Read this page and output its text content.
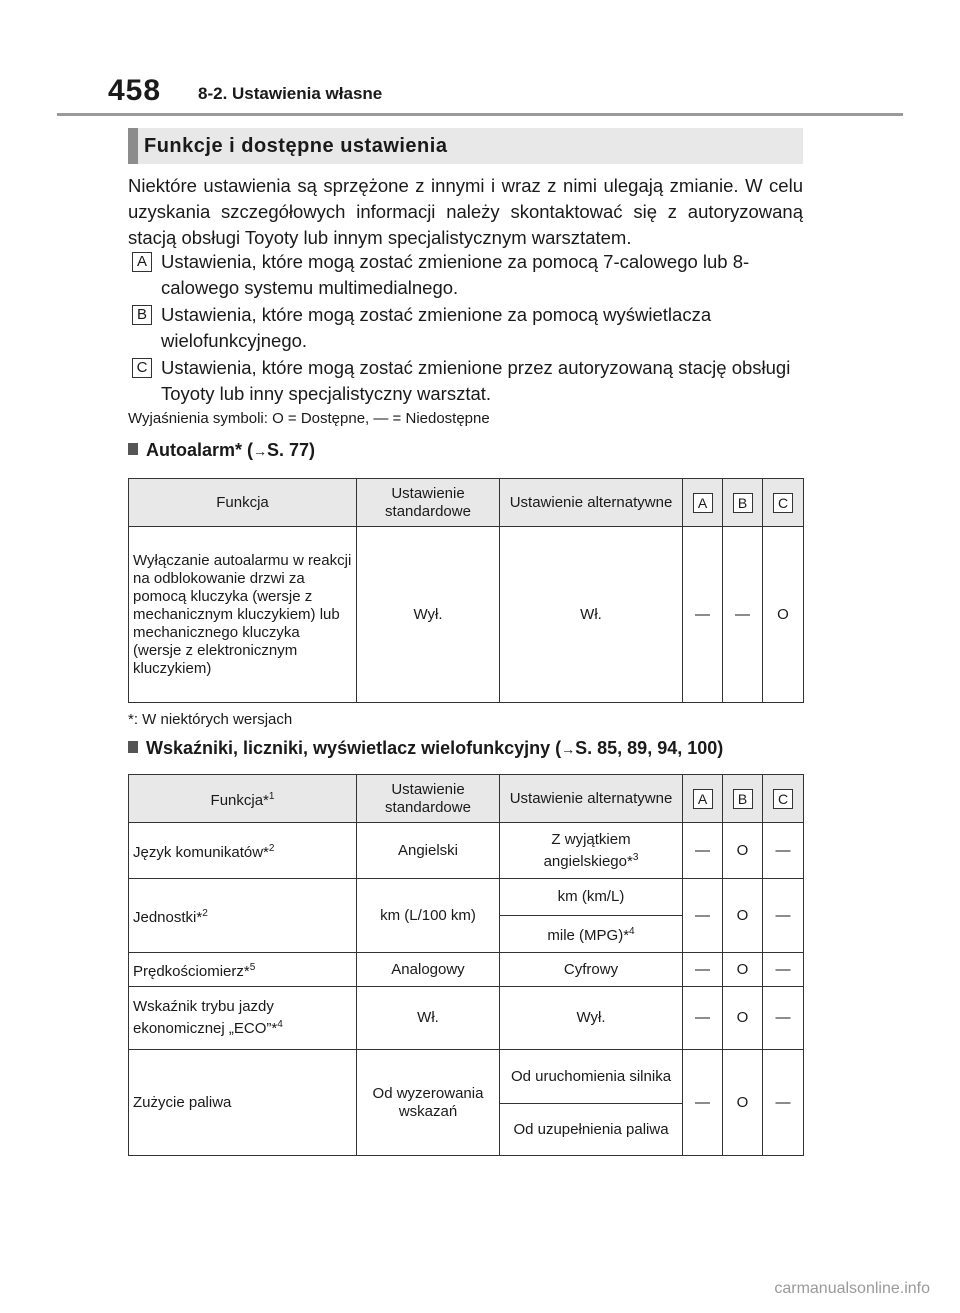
458 8-2. Ustawienia własne
Funkcje i dostępne ustawienia
Niektóre ustawienia są sprzężone z innymi i wraz z nimi ulegają zmianie. W celu uzyskania szczegółowych informacji należy skontaktować się z autoryzowaną stacją obsługi Toyoty lub innym specjalistycznym warsztatem.
A Ustawienia, które mogą zostać zmienione za pomocą 7-calowego lub 8-calowego systemu multimedialnego.
B Ustawienia, które mogą zostać zmienione za pomocą wyświetlacza wielofunkcyjnego.
C Ustawienia, które mogą zostać zmienione przez autoryzowaną stację obsługi Toyoty lub inny specjalistyczny warsztat.
Wyjaśnienia symboli: O = Dostępne, — = Niedostępne
Autoalarm* (→S. 77)
Funkcja	Ustawienie standardowe	Ustawienie alternatywne	A	B	C
Wyłączanie autoalarmu w reakcji na odblokowanie drzwi za pomocą kluczyka (wersje z mechanicznym kluczykiem) lub mechanicznego kluczyka (wersje z elektronicznym kluczykiem)	Wył.	Wł.	—	—	O
*: W niektórych wersjach
Wskaźniki, liczniki, wyświetlacz wielofunkcyjny (→S. 85, 89, 94, 100)
Funkcja*$^1$	Ustawienie standardowe	Ustawienie alternatywne	A	B	C
Język komunikatów*$^2$	Angielski	Z wyjątkiem angielskiego*$^3$	—	O	—
Jednostki*$^2$	km (L/100 km)	km (km/L)	—	O	—
		mile (MPG)*$^4$
Prędkościomierz*$^5$	Analogowy	Cyfrowy	—	O	—
Wskaźnik trybu jazdy ekonomicznej „ECO”*$^4$	Wł.	Wył.	—	O	—
Zużycie paliwa	Od wyzerowania wskazań	Od uruchomienia silnika	—	O	—
		Od uzupełnienia paliwa			
carmanualsonline.info
